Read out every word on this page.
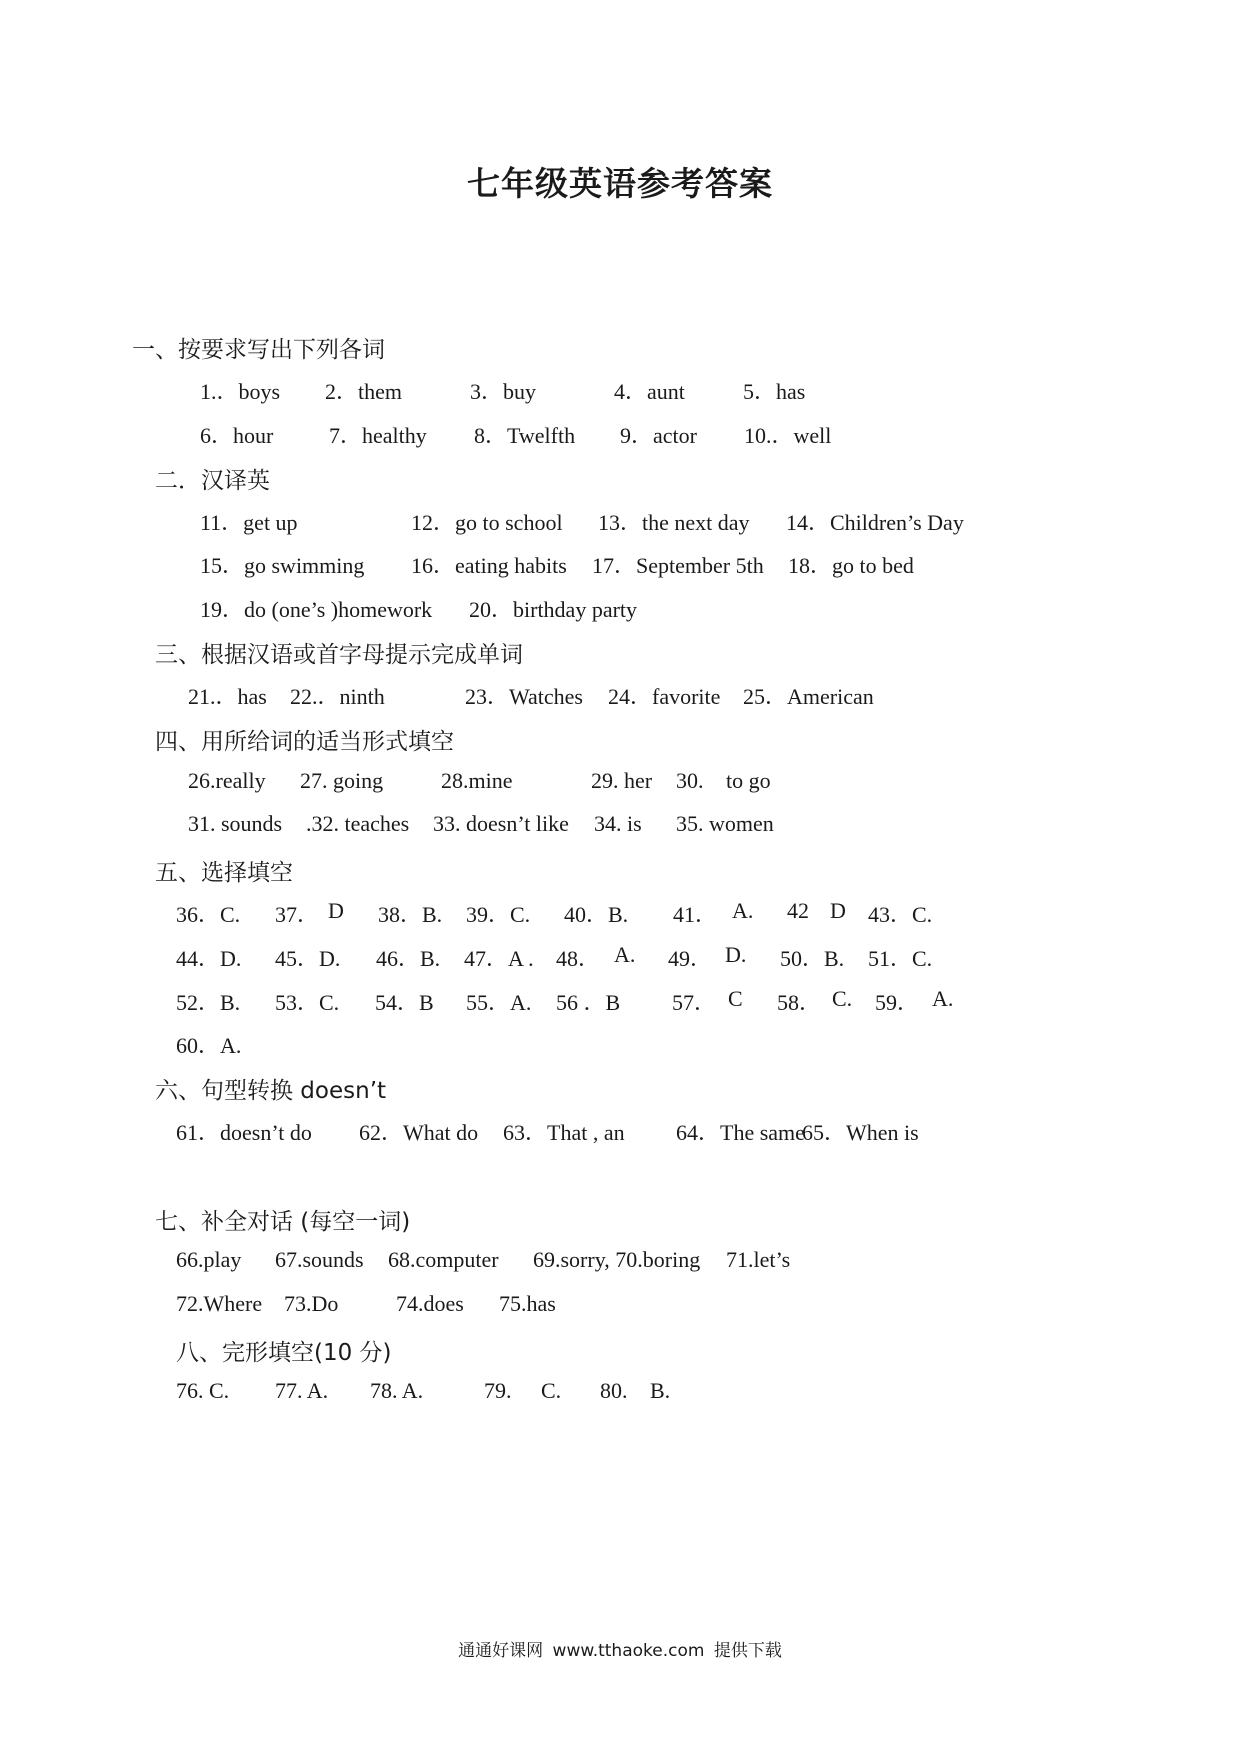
七年级英语参考答案
一、按要求写出下列各词
1.．boys 2．them	3．buy	4．aunt	5．has
6．hour	7．healthy 8．Twelfth 9．actor 10.．well
二．汉译英
11．get up	12．go to school 13．the next day 14．Children’s Day
15．go swimming 16．eating habits 17．September 5th 18．go to bed
19．do (one’s )homework 20．birthday party
三、根据汉语或首字母提示完成单词
21.．has 22.．ninth	23．Watches 24．favorite 25．American
四、用所给词的适当形式填空
26.really 27. going	28.mine	29. her 30. to go
31. sounds .32. teaches 33. doesn’t like 34. is 35. women
五、选择填空
36．C. 37． D 38．B. 39．C. 40．B. 41． A. 42 D 43．C.
44．D. 45．D. 46．B. 47．A . 48． A. 49． D. 50．B. 51．C.
52．B. 53．C. 54．B 55．A. 56 ．B 57． C 58． C. 59． A.
60．A.
六、句型转换 doesn’t
61．doesn’t do 62．What do 63．That , an 64．The same
65．When is
七、补全对话 (每空一词)
66.play 67.sounds 68.computer 69.sorry, 70.boring 71.let’s
72.Where 73.Do	74.does 75.has
八、完形填空(10 分)
76. C. 77. A. 78. A.	79. C. 80. B.
通通好课网 www.tthaoke.com 提供下载
